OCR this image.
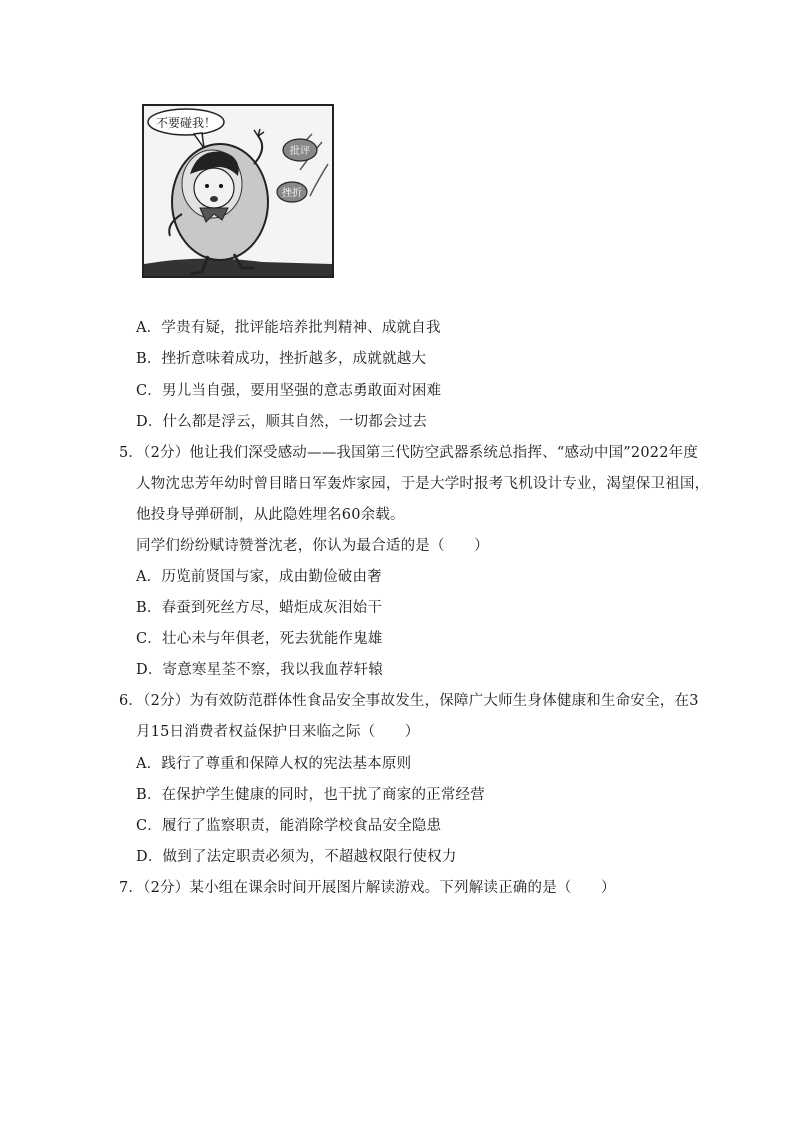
不要碰我！
批评
挫折
A．学贵有疑，批评能培养批判精神、成就自我
B．挫折意味着成功，挫折越多，成就就越大
C．男儿当自强，要用坚强的意志勇敢面对困难
D．什么都是浮云，顺其自然，一切都会过去
5．（2分）他让我们深受感动——我国第三代防空武器系统总指挥、“感动中国”2022年度
人物沈忠芳年幼时曾目睹日军轰炸家园，于是大学时报考飞机设计专业，渴望保卫祖国，
他投身导弹研制，从此隐姓埋名60余载。
同学们纷纷赋诗赞誉沈老，你认为最合适的是（　　）
A．历览前贤国与家，成由勤俭破由奢
B．春蚕到死丝方尽，蜡炬成灰泪始干
C．壮心未与年俱老，死去犹能作鬼雄
D．寄意寒星荃不察，我以我血荐轩辕
6．（2分）为有效防范群体性食品安全事故发生，保障广大师生身体健康和生命安全，在3
月15日消费者权益保护日来临之际（　　）
A．践行了尊重和保障人权的宪法基本原则
B．在保护学生健康的同时，也干扰了商家的正常经营
C．履行了监察职责，能消除学校食品安全隐患
D．做到了法定职责必须为，不超越权限行使权力
7．（2分）某小组在课余时间开展图片解读游戏。下列解读正确的是（　　）
